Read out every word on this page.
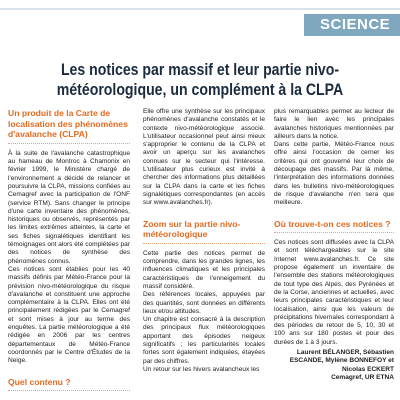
SCIENCE
Les notices par massif et leur partie nivo-
météorologique, un complément à la CLPA
Un produit de la Carte de localisation des phénomènes d'avalanche (CLPA)

À la suite de l'avalanche catastrophique au hameau de Montroc à Chamonix en février 1999, le Ministère chargé de l'environnement a décidé de relancer et poursuivre la CLPA, missions confiées au Cemagref avec la participation de l'ONF (service RTM). Sans changer le principe d'une carte inventaire des phénomènes, historiques ou observés, représentés par les limites extrêmes atteintes, la carte et ses fiches signalétiques identifiant les témoignages ont alors été complétées par des notices de synthèse des phénomènes connus.

Ces notices sont établies pour les 40 massifs définis par Météo-France pour la prévision nivo-météorologique du risque d'avalanche et constituent une approche complémentaire à la CLPA. Elles ont été principalement rédigées par le Cemagref et sont mises à jour au terme des enquêtes. La partie météorologique a été rédigée en 2006 par les centres départementaux de Météo-France coordonnés par le Centre d'Études de la Neige.

Quel contenu ?

Elle offre une synthèse sur les principaux phénomènes d'avalanche constatés et le contexte nivo-météorologique associé. L'utilisateur occasionnel peut ainsi mieux s'approprier le contenu de la CLPA et avoir un aperçu sur les avalanches connues sur le secteur qui l'intéresse. L'utilisateur plus curieux est invité à chercher des informations plus détaillées sur la CLPA dans la carte et les fiches signalétiques correspondantes (en accès sur www.avalanches.fr).

Zoom sur la partie nivo-météorologique

Cette partie des notices permet de comprendre, dans les grandes lignes, les influences climatiques et les principales caractéristiques de l'enneigement du massif considéré.

Des références locales, appuyées par des quantités, sont données en différents lieux et/ou altitudes.

Un chapitre est consacré à la description des principaux flux météorologiques apportant des épisodes neigeux significatifs ; les particularités locales fortes sont également indiquées, étayées par des chiffres.

Un retour sur les hivers avalancheux les

plus remarquables permet au lecteur de faire le lien avec les principales avalanches historiques mentionnées par ailleurs dans la notice.

Dans cette partie, Météo-France nous offre ainsi l'occasion de cerner les critères qui ont gouverné leur choix de découpage des massifs. Par là même, l'interprétation des informations données dans les bulletins nivo-météorologiques de risque d'avalanche n'en sera que meilleure.

Où trouve-t-on ces notices ?

Ces notices sont diffusées avec la CLPA et sont téléchargeables sur le site Internet www.avalanches.fr. Ce site propose également un inventaire de l'ensemble des stations météorologiques de tout type des Alpes, des Pyrénées et de la Corse, anciennes et actuelles, avec leurs principales caractéristiques et leur localisation, ainsi que les valeurs de précipitations hivernales correspondant à des périodes de retour de 5, 10, 30 et 100 ans sur 180 postes et pour des durées de 1 à 3 jours.

Laurent BÉLANGER, Sébastien
ESCANDE, Mylène BONNEFOY et
Nicolas ECKERT
Cemagref, UR ETNA
